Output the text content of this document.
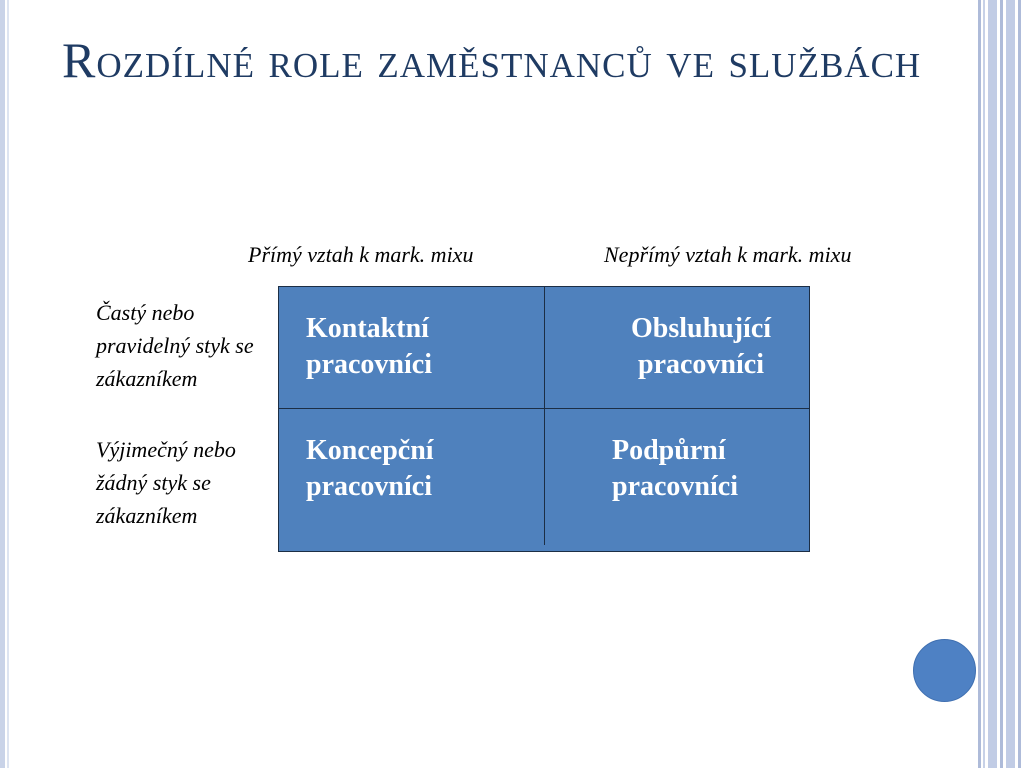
Rozdílné role zaměstnanců ve službách
Přímý vztah k mark. mixu	Nepřímý vztah k mark. mixu
Častý nebo pravidelný styk se zákazníkem
Výjimečný nebo žádný styk se zákazníkem
Kontaktní pracovníci
Obsluhující pracovníci
Koncepční pracovníci
Podpůrní pracovníci
